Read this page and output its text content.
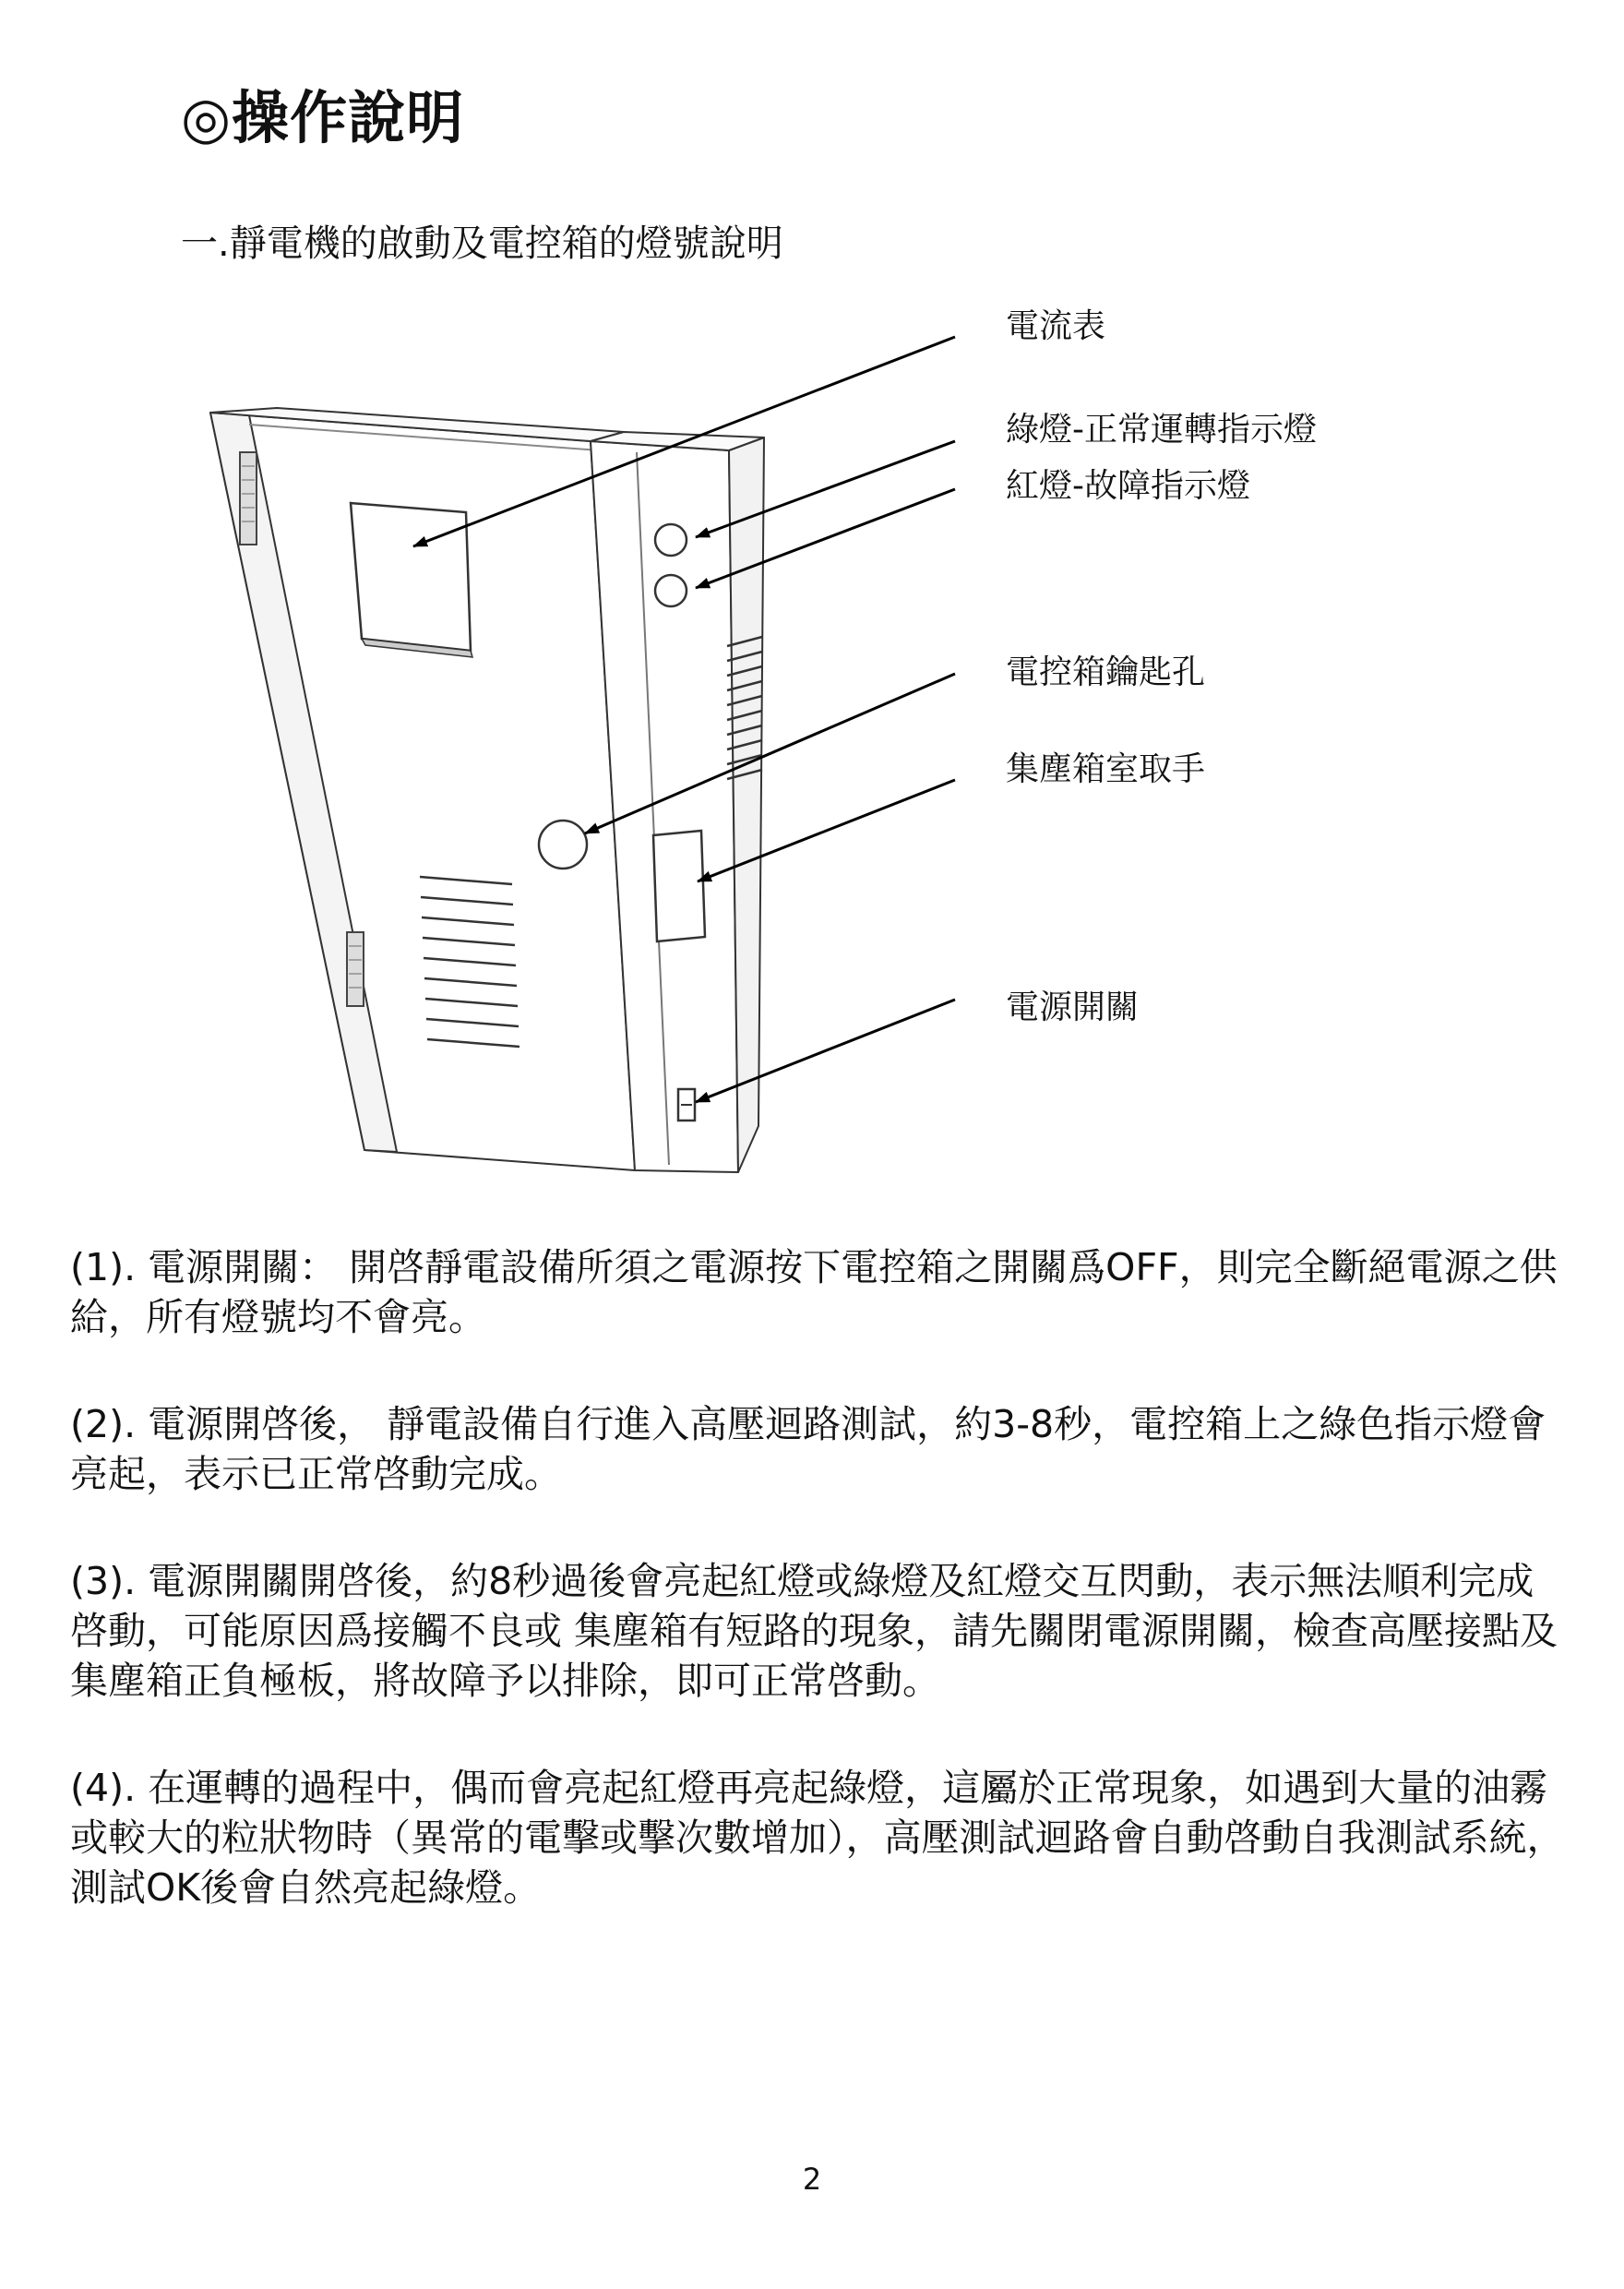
◎操作說明
一.靜電機的啟動及電控箱的燈號說明
電流表
綠燈-正常運轉指示燈
紅燈-故障指示燈
電控箱鑰匙孔
集塵箱室取手
電源開關

(1). 電源開關： 開啓靜電設備所須之電源按下電控箱之開關爲OFF，則完全斷絕電源之供給，所有燈號均不會亮。

(2). 電源開啓後， 靜電設備自行進入高壓迴路測試，約3-8秒，電控箱上之綠色指示燈會亮起，表示已正常啓動完成。

(3). 電源開關開啓後，約8秒過後會亮起紅燈或綠燈及紅燈交互閃動，表示無法順利完成啓動，可能原因爲接觸不良或 集塵箱有短路的現象，請先關閉電源開關，檢查高壓接點及集塵箱正負極板，將故障予以排除，即可正常啓動。

(4). 在運轉的過程中，偶而會亮起紅燈再亮起綠燈，這屬於正常現象，如遇到大量的油霧或較大的粒狀物時（異常的電擊或擊次數增加），高壓測試迴路會自動啓動自我測試系統，測試OK後會自然亮起綠燈。

2
